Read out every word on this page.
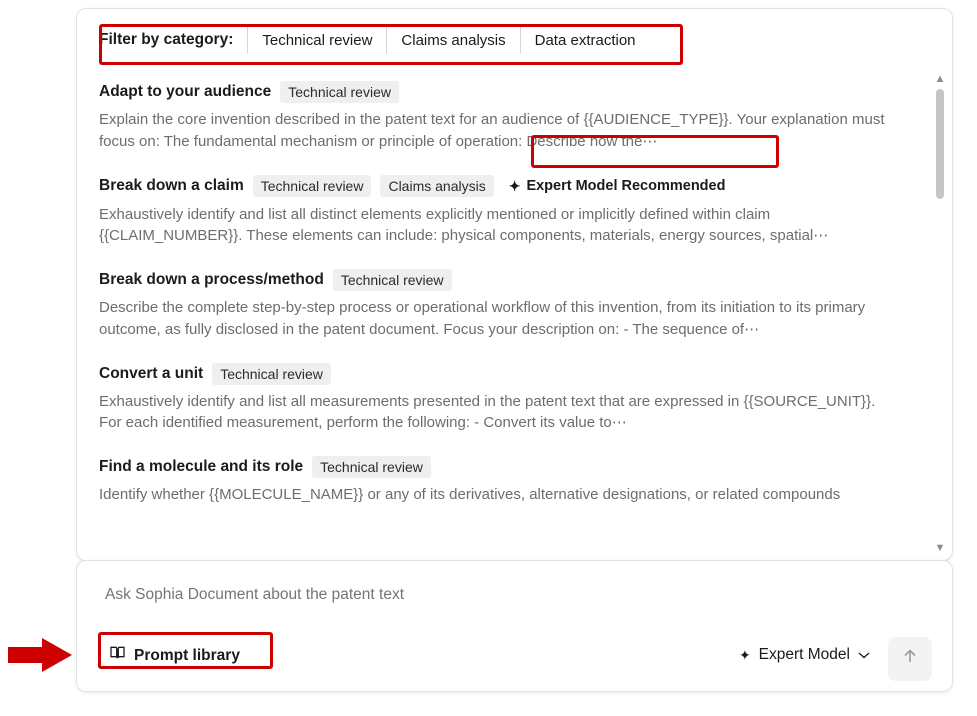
Filter by category:	Technical review	Claims analysis	Data extraction
Adapt to your audience	Technical review
Explain the core invention described in the patent text for an audience of {{AUDIENCE_TYPE}}. Your explanation must focus on: The fundamental mechanism or principle of operation: Describe how the⋯
Break down a claim	Technical review	Claims analysis	✦ Expert Model Recommended
Exhaustively identify and list all distinct elements explicitly mentioned or implicitly defined within claim {{CLAIM_NUMBER}}. These elements can include: physical components, materials, energy sources, spatial⋯
Break down a process/method	Technical review
Describe the complete step-by-step process or operational workflow of this invention, from its initiation to its primary outcome, as fully disclosed in the patent document. Focus your description on: - The sequence of⋯
Convert a unit	Technical review
Exhaustively identify and list all measurements presented in the patent text that are expressed in {{SOURCE_UNIT}}. For each identified measurement, perform the following: - Convert its value to⋯
Find a molecule and its role	Technical review
Identify whether {{MOLECULE_NAME}} or any of its derivatives, alternative designations, or related compounds
▲
▼
Ask Sophia Document about the patent text
Prompt library	✦ Expert Model
